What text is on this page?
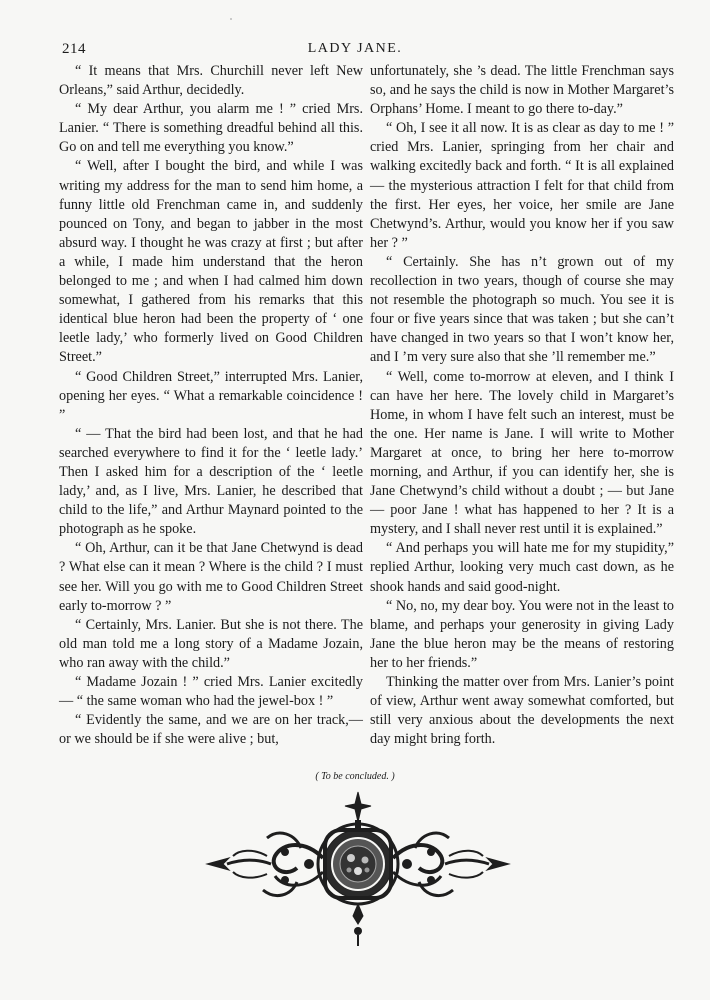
214	LADY JANE.

“ It means that Mrs. Churchill never left New Orleans,” said Arthur, decidedly.

“ My dear Arthur, you alarm me ! ” cried Mrs. Lanier. “ There is something dreadful behind all this. Go on and tell me everything you know.”

“ Well, after I bought the bird, and while I was writing my address for the man to send him home, a funny little old Frenchman came in, and suddenly pounced on Tony, and began to jabber in the most absurd way. I thought he was crazy at first ; but after a while, I made him understand that the heron belonged to me ; and when I had calmed him down somewhat, I gathered from his remarks that this identical blue heron had been the property of ‘ one leetle lady,’ who formerly lived on Good Children Street.”

“ Good Children Street,” interrupted Mrs. Lanier, opening her eyes. “ What a remarkable coincidence ! ”

“ — That the bird had been lost, and that he had searched everywhere to find it for the ‘ leetle lady.’ Then I asked him for a description of the ‘ leetle lady,’ and, as I live, Mrs. Lanier, he described that child to the life,” and Arthur Maynard pointed to the photograph as he spoke.

“ Oh, Arthur, can it be that Jane Chetwynd is dead ? What else can it mean ? Where is the child ? I must see her. Will you go with me to Good Children Street early to-morrow ? ”

“ Certainly, Mrs. Lanier. But she is not there. The old man told me a long story of a Madame Jozain, who ran away with the child.”

“ Madame Jozain ! ” cried Mrs. Lanier excitedly — “ the same woman who had the jewel-box ! ”

“ Evidently the same, and we are on her track,— or we should be if she were alive ; but,

unfortunately, she ’s dead. The little Frenchman says so, and he says the child is now in Mother Margaret’s Orphans’ Home. I meant to go there to-day.”

“ Oh, I see it all now. It is as clear as day to me ! ” cried Mrs. Lanier, springing from her chair and walking excitedly back and forth. “ It is all explained — the mysterious attraction I felt for that child from the first. Her eyes, her voice, her smile are Jane Chetwynd’s. Arthur, would you know her if you saw her ? ”

“ Certainly. She has n’t grown out of my recollection in two years, though of course she may not resemble the photograph so much. You see it is four or five years since that was taken ; but she can’t have changed in two years so that I won’t know her, and I ’m very sure also that she ’ll remember me.”

“ Well, come to-morrow at eleven, and I think I can have her here. The lovely child in Margaret’s Home, in whom I have felt such an interest, must be the one. Her name is Jane. I will write to Mother Margaret at once, to bring her here to-morrow morning, and Arthur, if you can identify her, she is Jane Chetwynd’s child without a doubt ; — but Jane — poor Jane ! what has happened to her ? It is a mystery, and I shall never rest until it is explained.”

“ And perhaps you will hate me for my stupidity,” replied Arthur, looking very much cast down, as he shook hands and said good-night.

“ No, no, my dear boy. You were not in the least to blame, and perhaps your generosity in giving Lady Jane the blue heron may be the means of restoring her to her friends.”

Thinking the matter over from Mrs. Lanier’s point of view, Arthur went away somewhat comforted, but still very anxious about the developments the next day might bring forth.

( To be concluded. )
